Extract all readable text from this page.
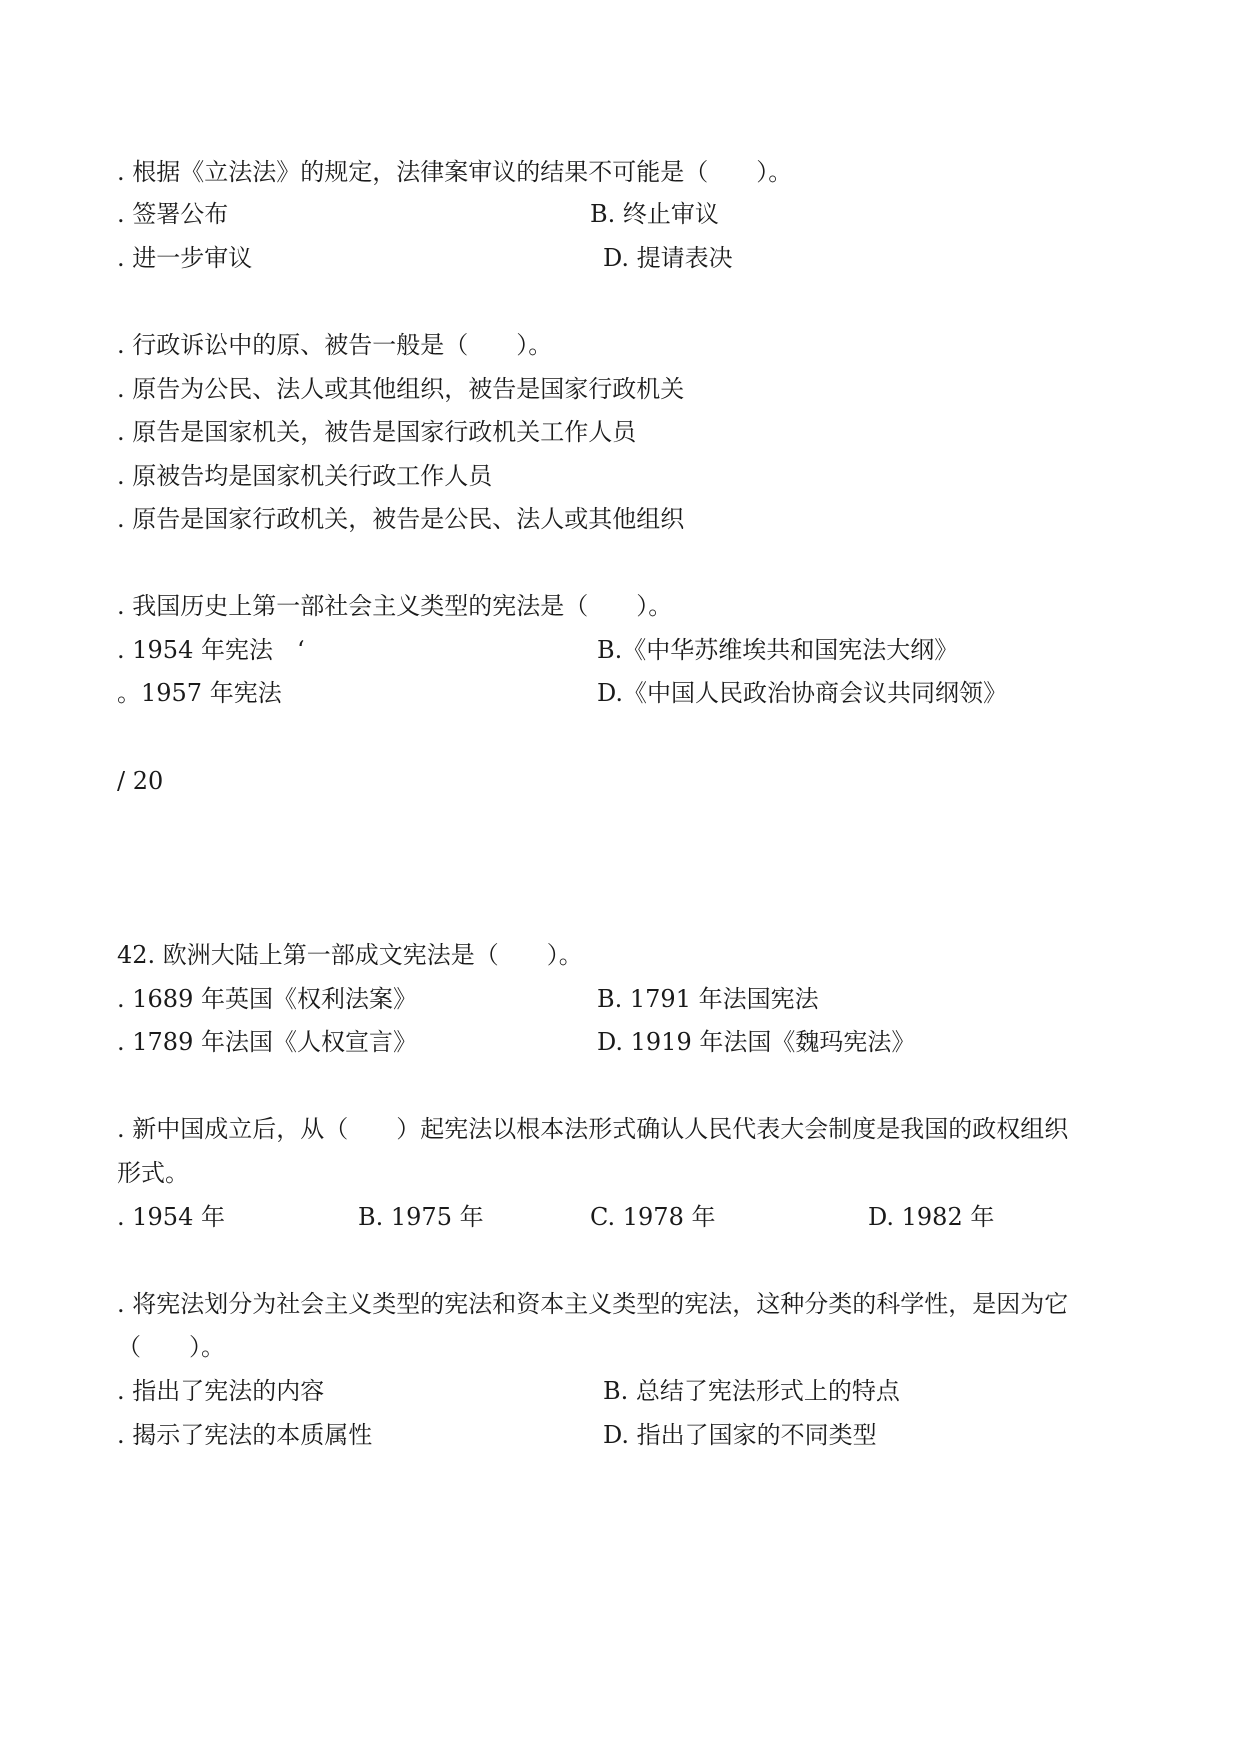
. 根据《立法法》的规定，法律案审议的结果不可能是（　　）。

. 签署公布	B. 终止审议

. 进一步审议	D. 提请表决

. 行政诉讼中的原、被告一般是（　　）。

. 原告为公民、法人或其他组织，被告是国家行政机关

. 原告是国家机关，被告是国家行政机关工作人员

. 原被告均是国家机关行政工作人员

. 原告是国家行政机关，被告是公民、法人或其他组织

. 我国历史上第一部社会主义类型的宪法是（　　）。

. 1954 年宪法　‘	B.《中华苏维埃共和国宪法大纲》

。1957 年宪法	D.《中国人民政治协商会议共同纲领》

/ 20

42. 欧洲大陆上第一部成文宪法是（　　）。

. 1689 年英国《权利法案》	B. 1791 年法国宪法

. 1789 年法国《人权宣言》	D. 1919 年法国《魏玛宪法》

. 新中国成立后，从（　　）起宪法以根本法形式确认人民代表大会制度是我国的政权组织

形式。

. 1954 年	B. 1975 年	C. 1978 年	D. 1982 年

. 将宪法划分为社会主义类型的宪法和资本主义类型的宪法，这种分类的科学性，是因为它

（　　）。

. 指出了宪法的内容	B. 总结了宪法形式上的特点

. 揭示了宪法的本质属性	D. 指出了国家的不同类型
